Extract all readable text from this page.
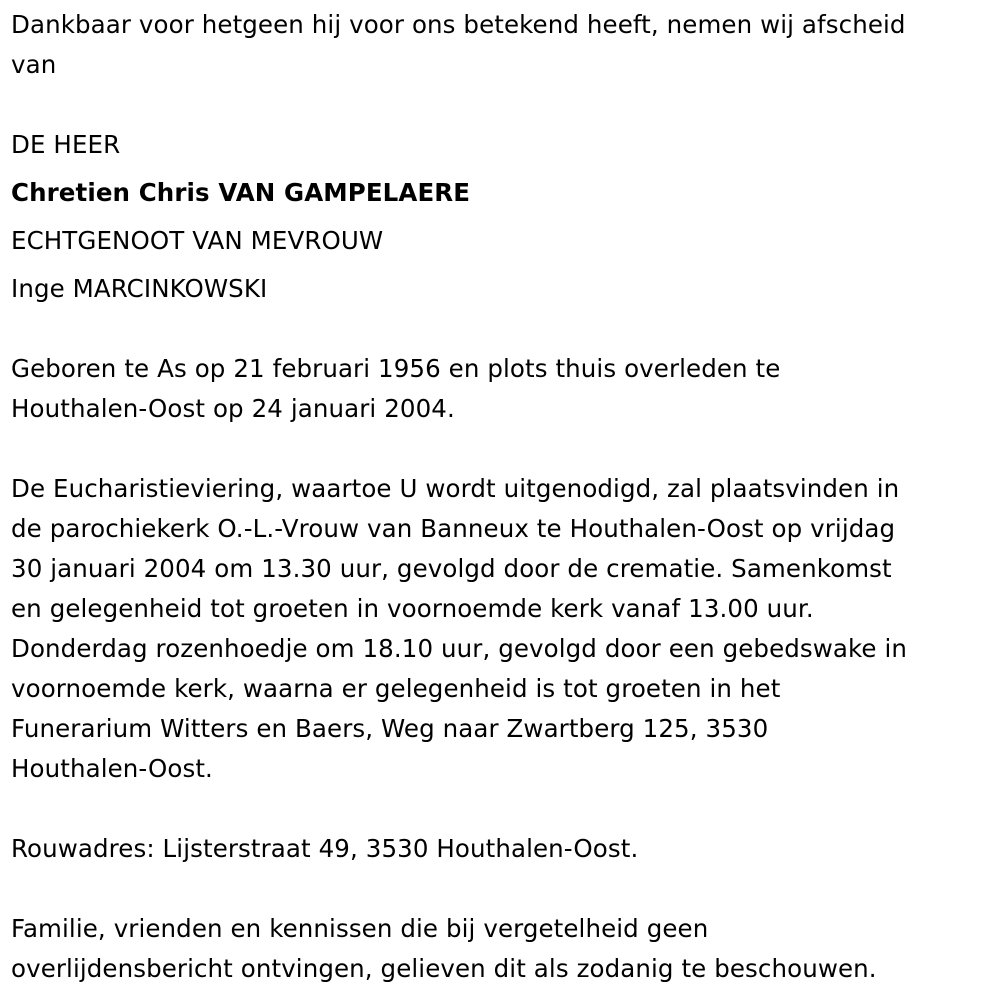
Dankbaar voor hetgeen hij voor ons betekend heeft, nemen wij afscheid
van
DE HEER
Chretien Chris VAN GAMPELAERE
ECHTGENOOT VAN MEVROUW
Inge MARCINKOWSKI
Geboren te As op 21 februari 1956 en plots thuis overleden te
Houthalen-Oost op 24 januari 2004.
De Eucharistieviering, waartoe U wordt uitgenodigd, zal plaatsvinden in
de parochiekerk O.-L.-Vrouw van Banneux te Houthalen-Oost op vrijdag
30 januari 2004 om 13.30 uur, gevolgd door de crematie. Samenkomst
en gelegenheid tot groeten in voornoemde kerk vanaf 13.00 uur.
Donderdag rozenhoedje om 18.10 uur, gevolgd door een gebedswake in
voornoemde kerk, waarna er gelegenheid is tot groeten in het
Funerarium Witters en Baers, Weg naar Zwartberg 125, 3530
Houthalen-Oost.
Rouwadres: Lijsterstraat 49, 3530 Houthalen-Oost.
Familie, vrienden en kennissen die bij vergetelheid geen
overlijdensbericht ontvingen, gelieven dit als zodanig te beschouwen.
